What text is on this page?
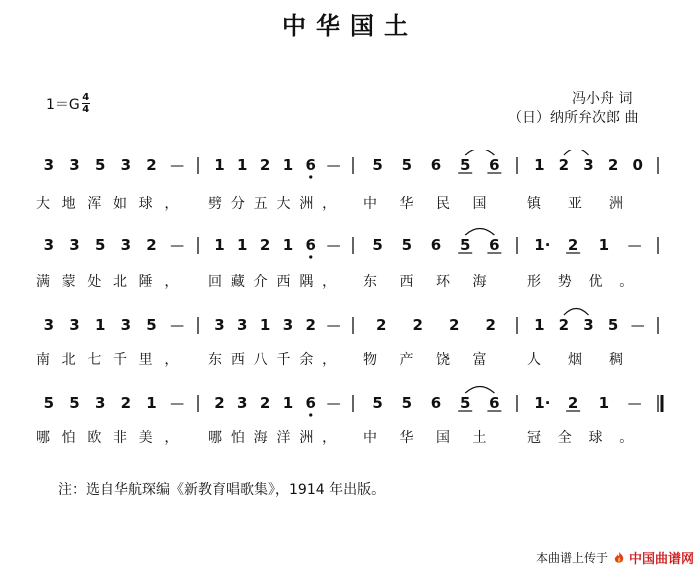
中华国土
$1=G \frac{4}{4}$	冯小舟 词
（日）纳所弁次郎 曲
3 3 5 3 2 — 1 1 2 1 6 — 5 5 6 5 6 1 2 3 2 0
3 3 5 3 2 — 1 1 2 1 6 — 5 5 6 5 6 1· 2 1 —
3 3 1 3 5 — 3 3 1 3 2 — 2 2 2 2	1 2 3 5 —
5 5 3 2 1 — 2 3 2 1 6 — 5 5 6 5 6 1· 2 1 —
大地浑如球， 劈分五大洲， 中华民国 镇亚洲
满蒙处北陲， 回藏介西隅， 东西环海 形势优。
南北七千里， 东西八千余， 物产饶富 人烟稠
哪怕欧非美， 哪怕海洋洲， 中华国土 冠全球。
注：选自华航琛编《新教育唱歌集》，1914 年出版。
本曲谱上传于 中国曲谱网
